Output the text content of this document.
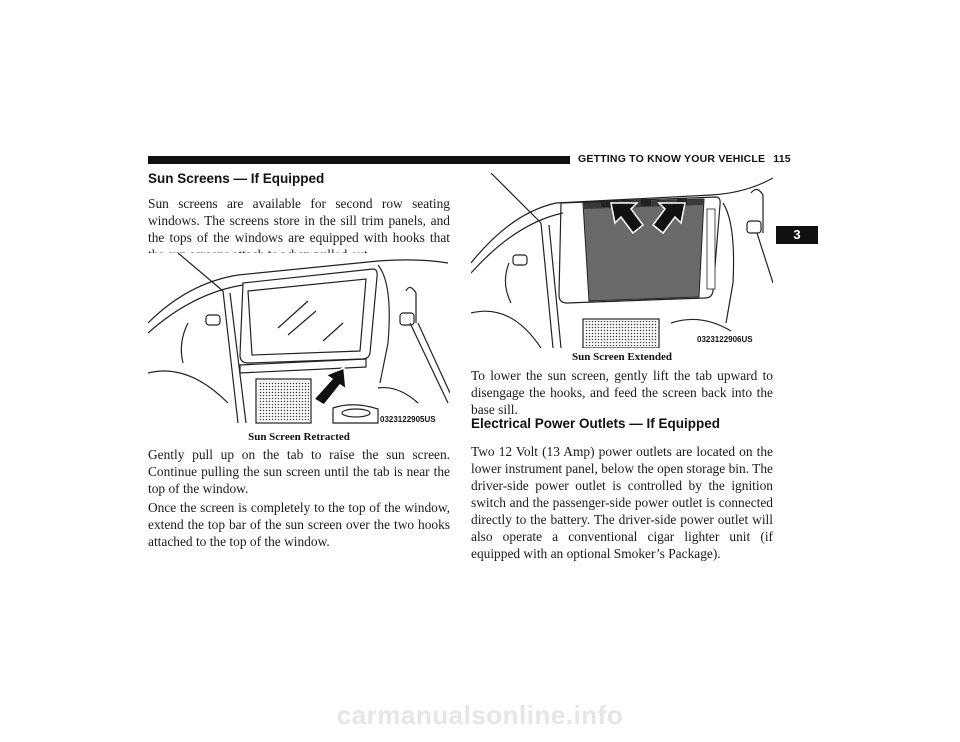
GETTING TO KNOW YOUR VEHICLE 115
3
Sun Screens — If Equipped
Sun screens are available for second row seating windows. The screens store in the sill trim panels, and the tops of the windows are equipped with hooks that
0323122905US
Sun Screen Retracted
Gently pull up on the tab to raise the sun screen. Continue pulling the sun screen until the tab is near the top of the window.
Once the screen is completely to the top of the window, extend the top bar of the sun screen over the two hooks attached to the top of the window.
0323122906US
Sun Screen Extended
To lower the sun screen, gently lift the tab upward to disengage the hooks, and feed the screen back into the base sill.
Electrical Power Outlets — If Equipped
Two 12 Volt (13 Amp) power outlets are located on the lower instrument panel, below the open storage bin. The driver-side power outlet is controlled by the ignition switch and the passenger-side power outlet is connected directly to the battery. The driver-side power outlet will also operate a conventional cigar lighter unit (if equipped with an optional Smoker’s Package).
carmanualsonline.info
